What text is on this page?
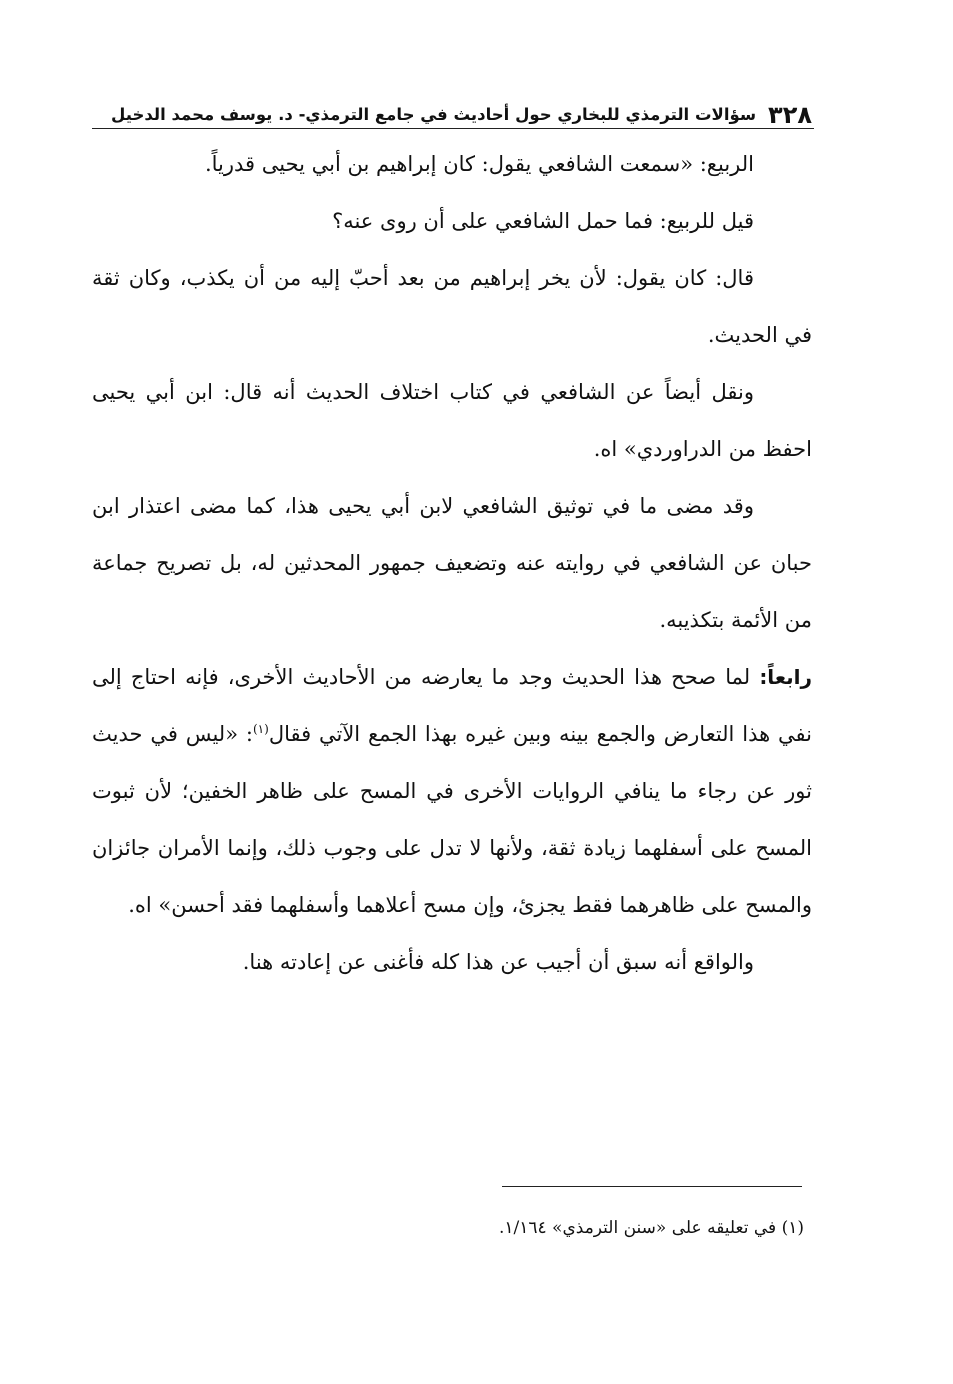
٣٢٨
سؤالات الترمذي للبخاري حول أحاديث في جامع الترمذي- د. يوسف محمد الدخيل

الربيع: «سمعت الشافعي يقول: كان إبراهيم بن أبي يحيى قدرياً.

قيل للربيع: فما حمل الشافعي على أن روى عنه؟

قال: كان يقول: لأن يخر إبراهيم من بعد أحبّ إليه من أن يكذب، وكان ثقة في الحديث.

ونقل أيضاً عن الشافعي في كتاب اختلاف الحديث أنه قال: ابن أبي يحيى احفظ من الدراوردي» اه.

وقد مضى ما في توثيق الشافعي لابن أبي يحيى هذا، كما مضى اعتذار ابن حبان عن الشافعي في روايته عنه وتضعيف جمهور المحدثين له، بل تصريح جماعة من الأئمة بتكذيبه.

رابعاً: لما صحح هذا الحديث وجد ما يعارضه من الأحاديث الأخرى، فإنه احتاج إلى نفي هذا التعارض والجمع بينه وبين غيره بهذا الجمع الآتي فقال$^{(١)}$: «ليس في حديث ثور عن رجاء ما ينافي الروايات الأخرى في المسح على ظاهر الخفين؛ لأن ثبوت المسح على أسفلهما زيادة ثقة، ولأنها لا تدل على وجوب ذلك، وإنما الأمران جائزان والمسح على ظاهرهما فقط يجزئ، وإن مسح أعلاهما وأسفلهما فقد أحسن» اه.

والواقع أنه سبق أن أجيب عن هذا كله فأغنى عن إعادته هنا.

(١) في تعليقه على «سنن الترمذي» ١/١٦٤.
